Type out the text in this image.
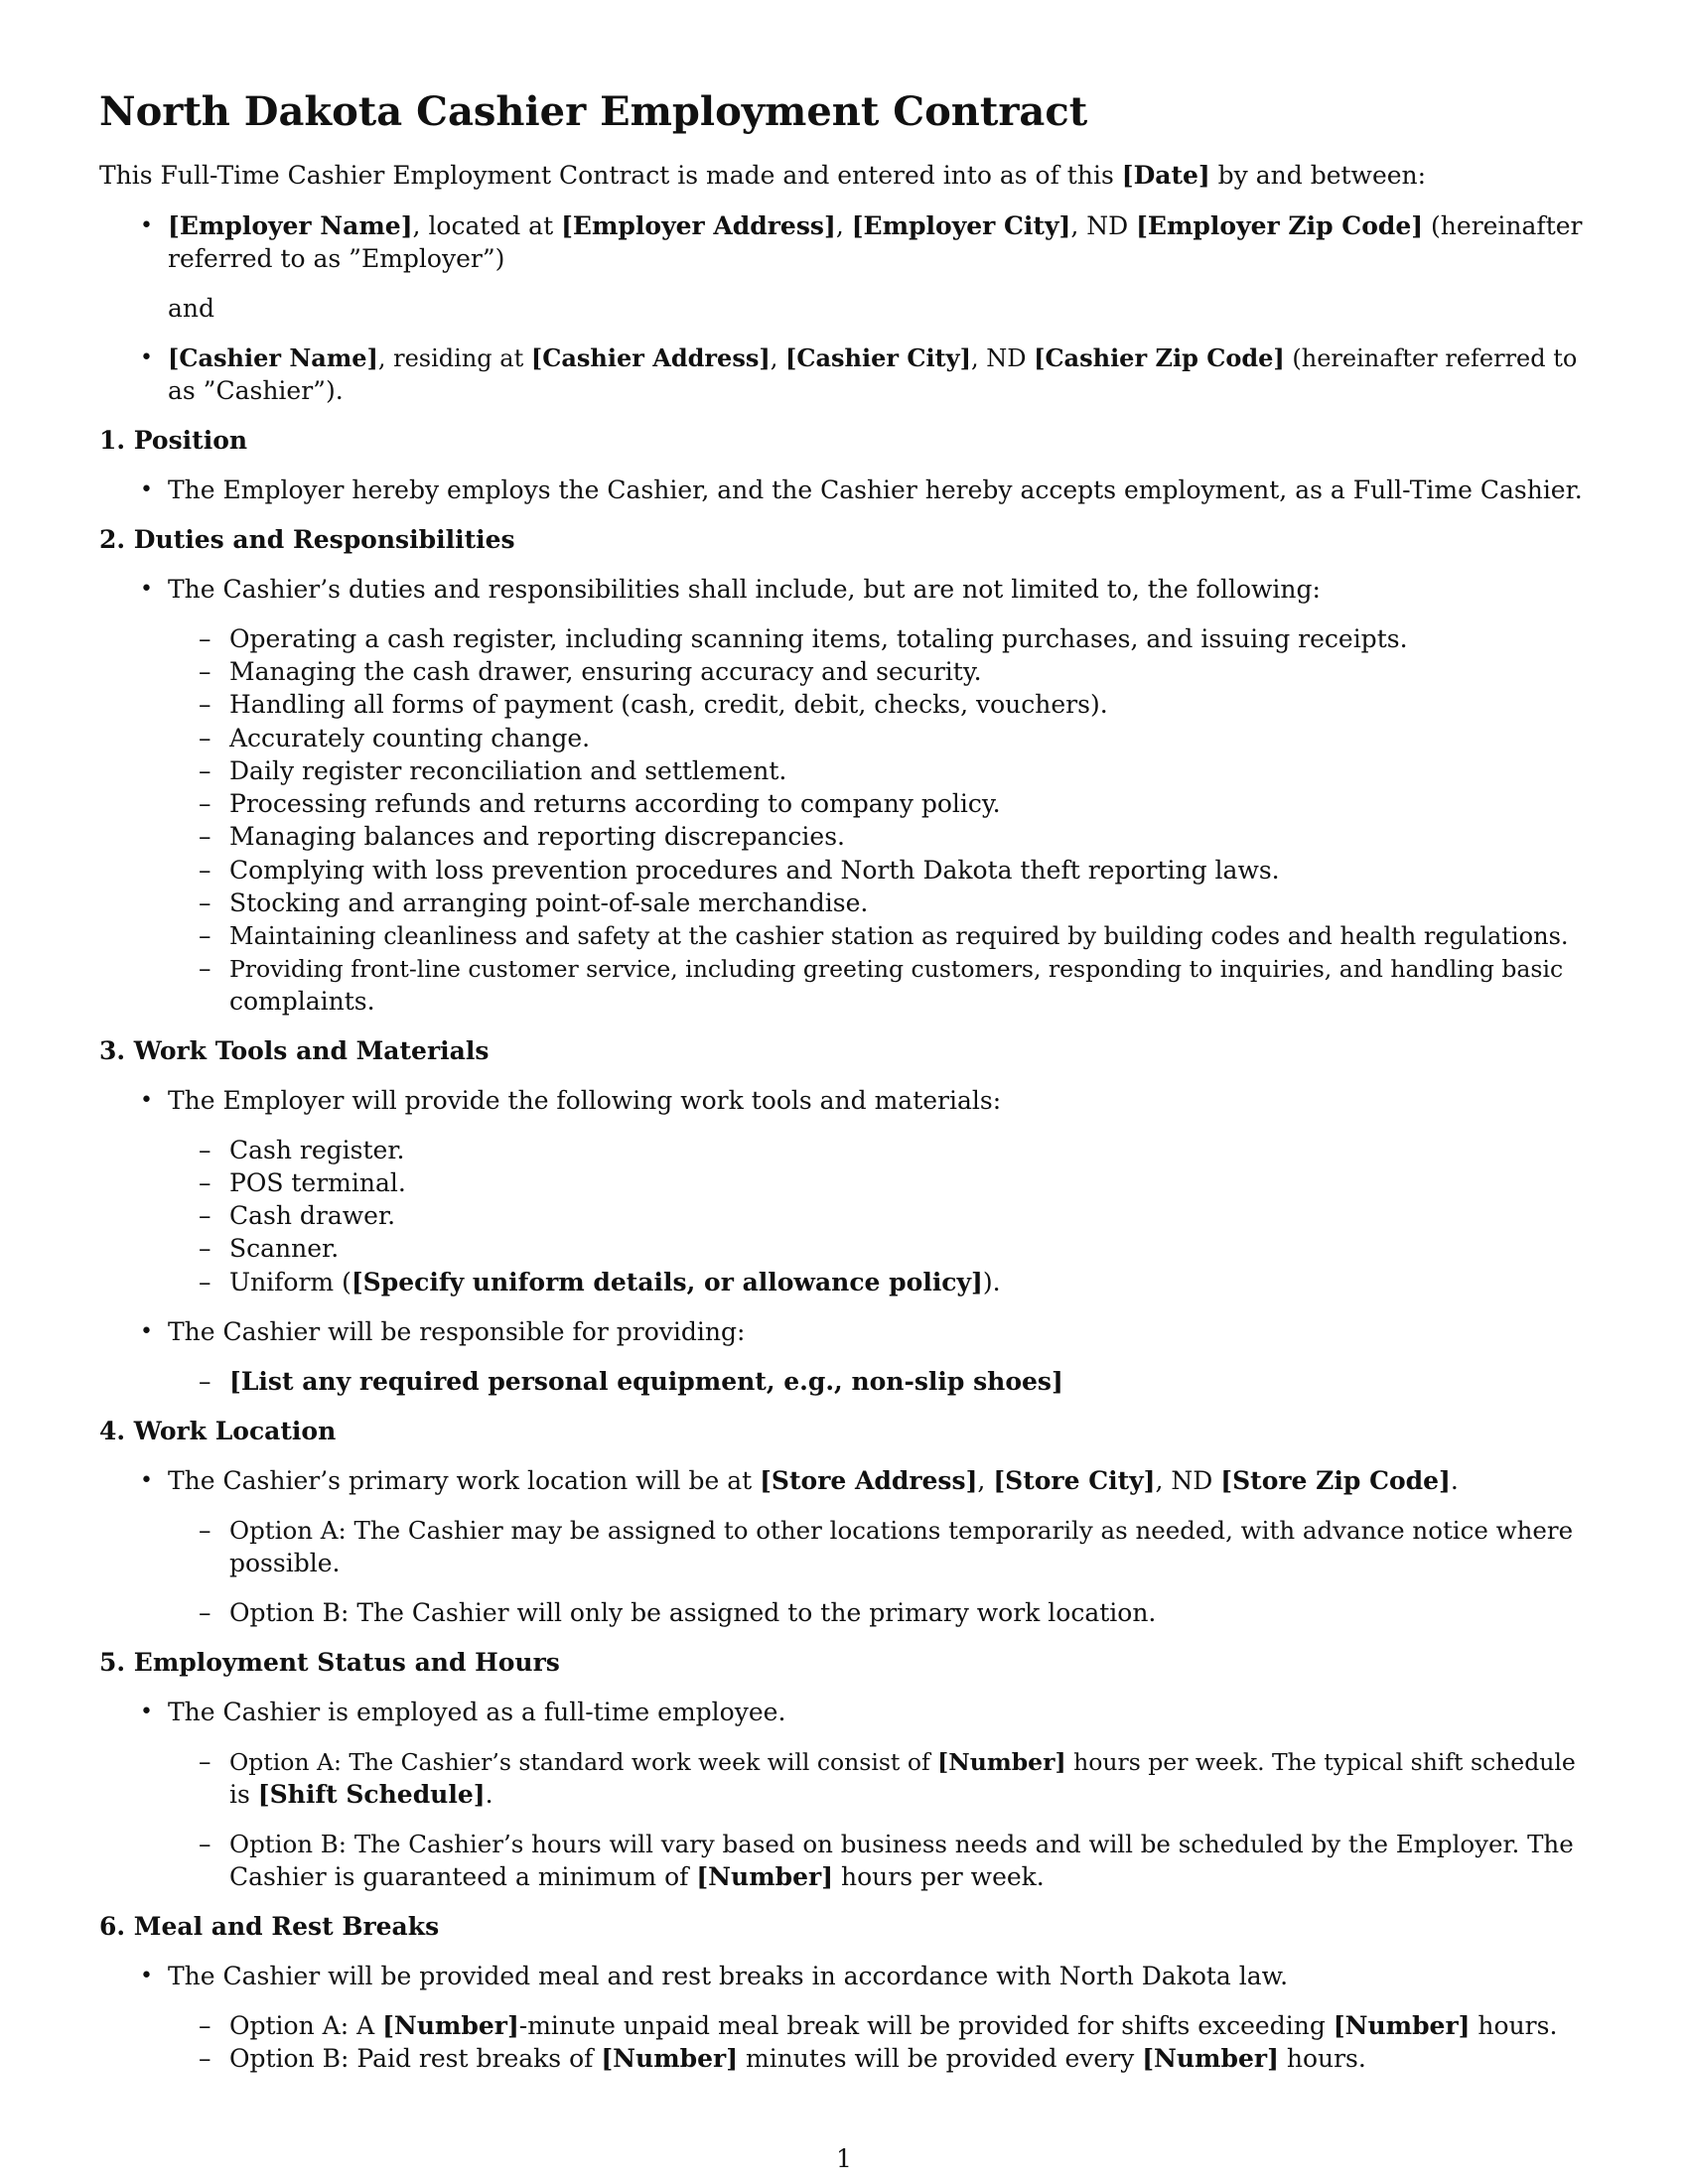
North Dakota Cashier Employment Contract
This Full-Time Cashier Employment Contract is made and entered into as of this [Date] by and between:
• [Employer Name], located at [Employer Address], [Employer City], ND [Employer Zip Code] (hereinafter
referred to as ”Employer”)
and
• [Cashier Name], residing at [Cashier Address], [Cashier City], ND [Cashier Zip Code] (hereinafter referred to
as ”Cashier”).
1. Position
• The Employer hereby employs the Cashier, and the Cashier hereby accepts employment, as a Full-Time Cashier.
2. Duties and Responsibilities
• The Cashier’s duties and responsibilities shall include, but are not limited to, the following:
– Operating a cash register, including scanning items, totaling purchases, and issuing receipts.
– Managing the cash drawer, ensuring accuracy and security.
– Handling all forms of payment (cash, credit, debit, checks, vouchers).
– Accurately counting change.
– Daily register reconciliation and settlement.
– Processing refunds and returns according to company policy.
– Managing balances and reporting discrepancies.
– Complying with loss prevention procedures and North Dakota theft reporting laws.
– Stocking and arranging point-of-sale merchandise.
– Maintaining cleanliness and safety at the cashier station as required by building codes and health regulations.
– Providing front-line customer service, including greeting customers, responding to inquiries, and handling basic
complaints.
3. Work Tools and Materials
• The Employer will provide the following work tools and materials:
– Cash register.
– POS terminal.
– Cash drawer.
– Scanner.
– Uniform ([Specify uniform details, or allowance policy]).
• The Cashier will be responsible for providing:
– [List any required personal equipment, e.g., non-slip shoes]
4. Work Location
• The Cashier’s primary work location will be at [Store Address], [Store City], ND [Store Zip Code].
– Option A: The Cashier may be assigned to other locations temporarily as needed, with advance notice where
possible.
– Option B: The Cashier will only be assigned to the primary work location.
5. Employment Status and Hours
• The Cashier is employed as a full-time employee.
– Option A: The Cashier’s standard work week will consist of [Number] hours per week. The typical shift schedule
is [Shift Schedule].
– Option B: The Cashier’s hours will vary based on business needs and will be scheduled by the Employer. The
Cashier is guaranteed a minimum of [Number] hours per week.
6. Meal and Rest Breaks
• The Cashier will be provided meal and rest breaks in accordance with North Dakota law.
– Option A: A [Number]-minute unpaid meal break will be provided for shifts exceeding [Number] hours.
– Option B: Paid rest breaks of [Number] minutes will be provided every [Number] hours.
1
